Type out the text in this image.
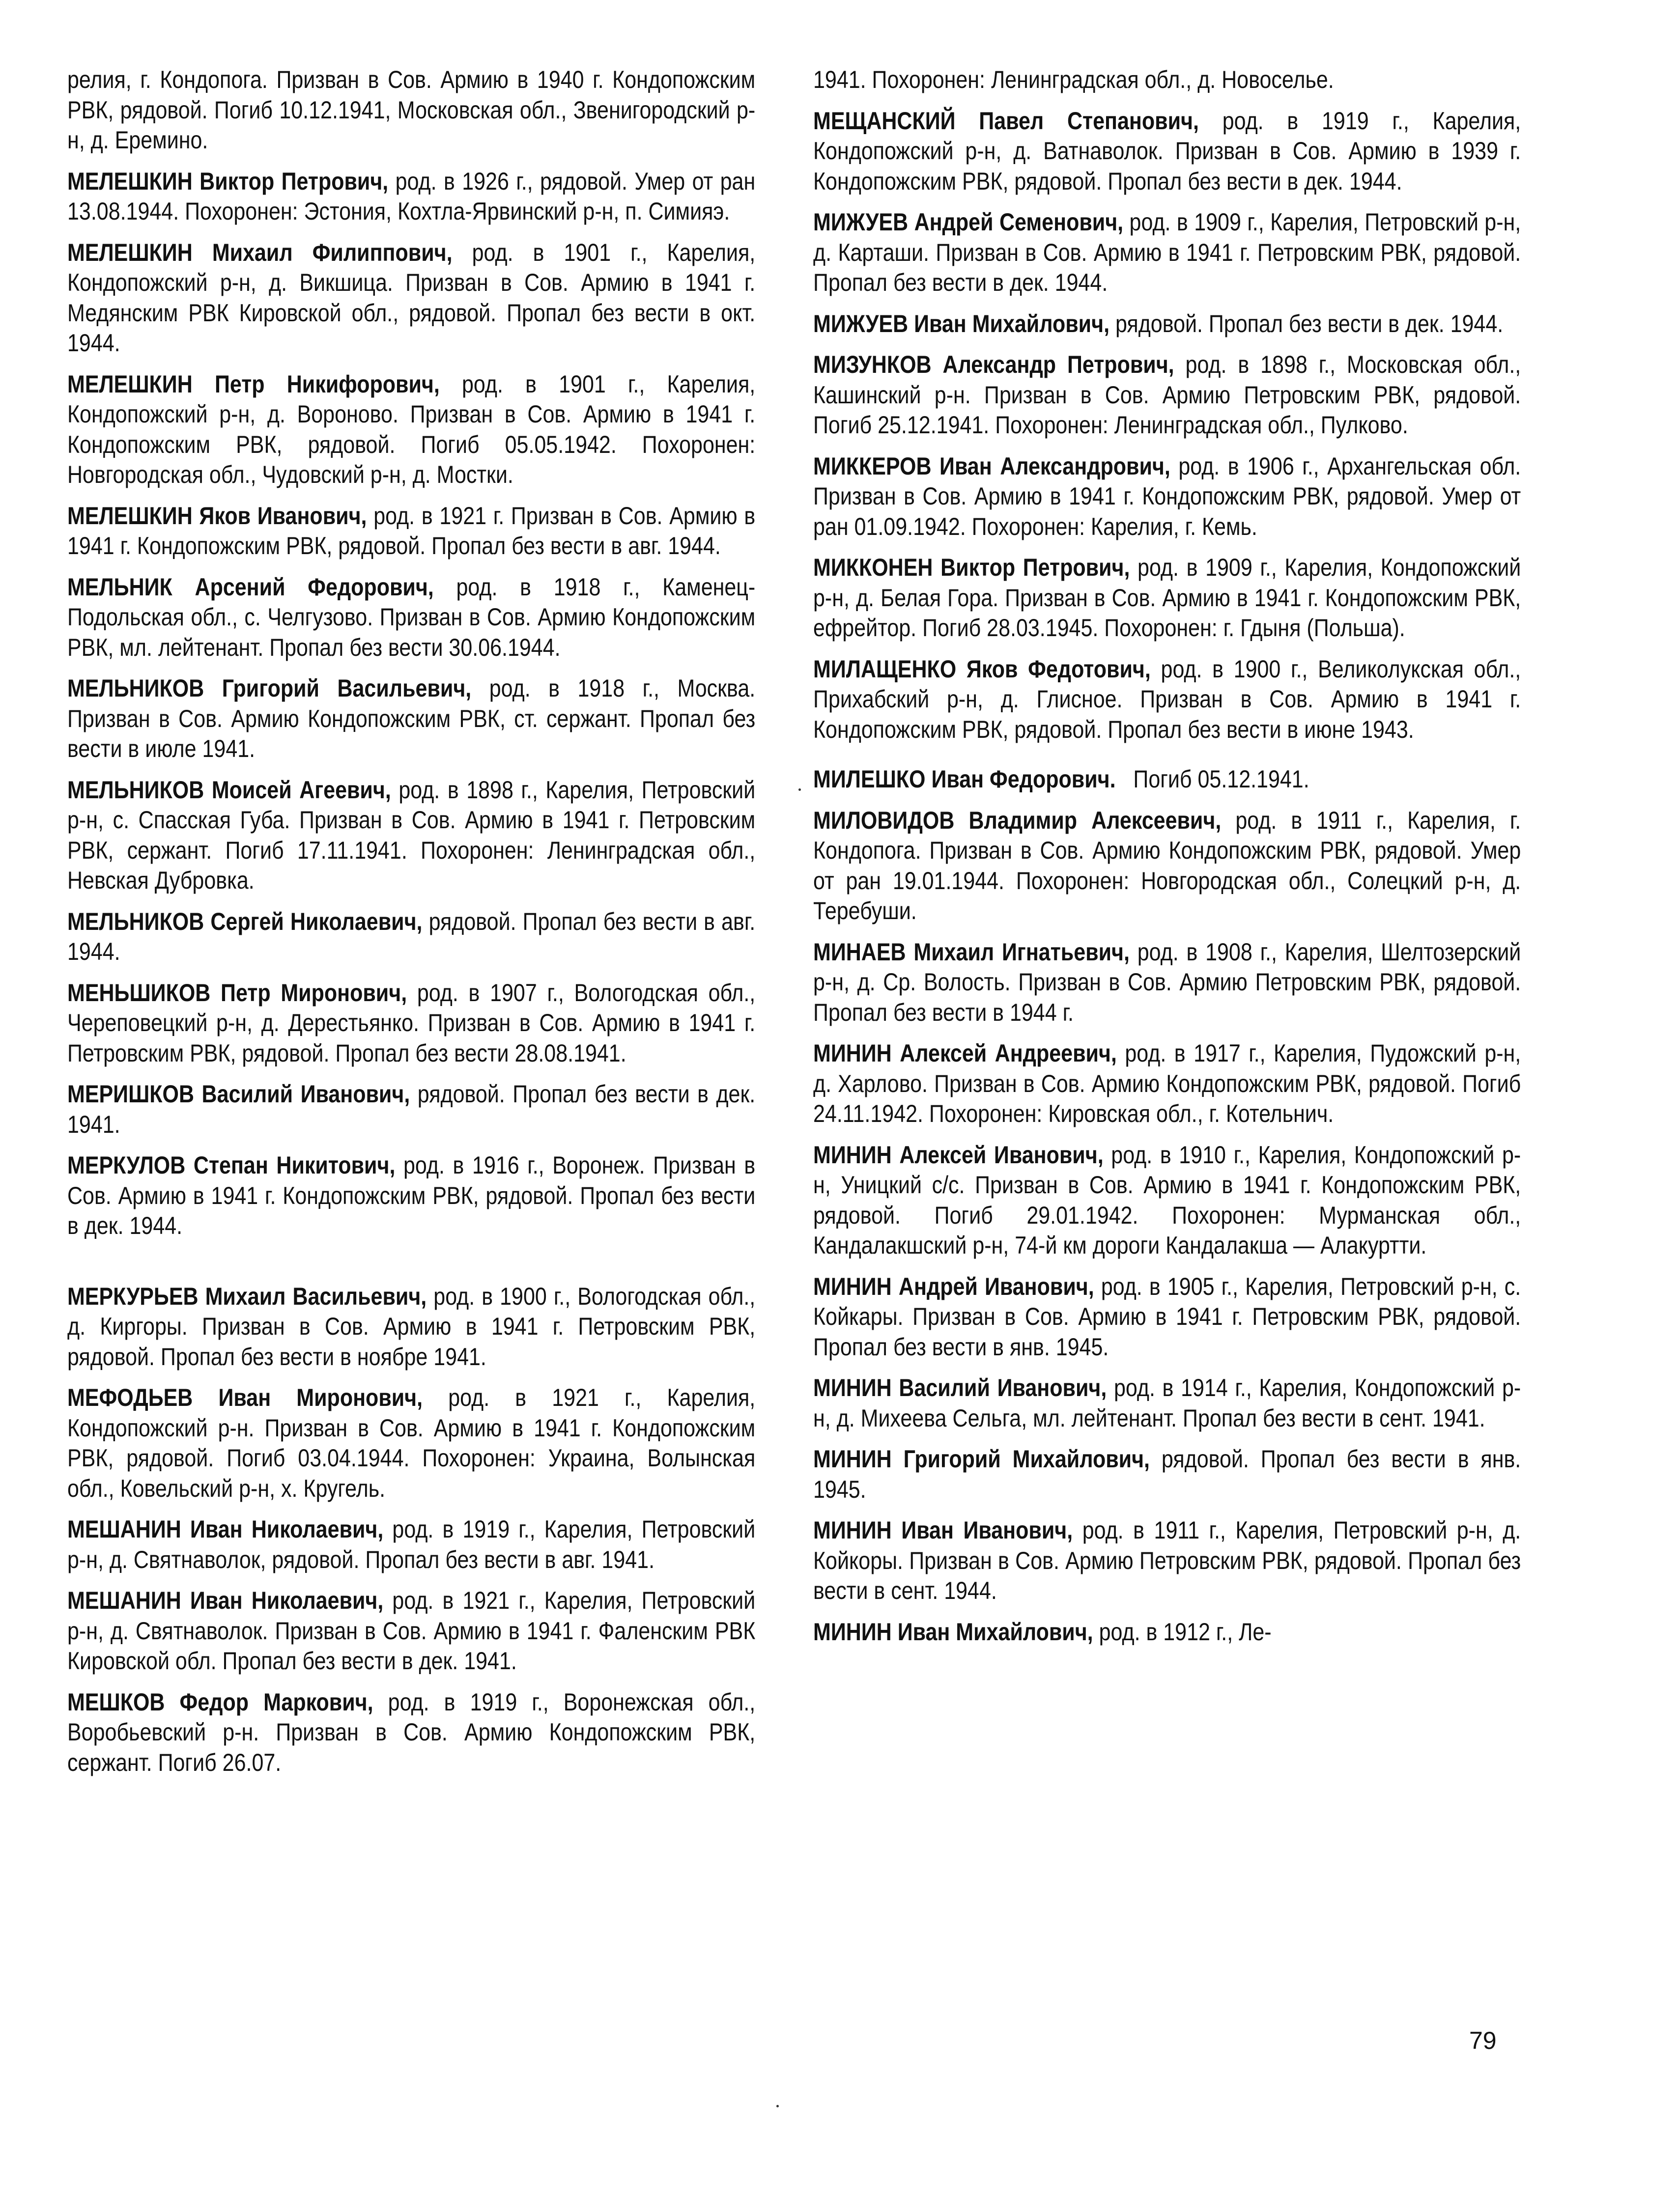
релия, г. Кондопога. Призван в Сов. Армию в 1940 г. Кондопожским РВК, рядовой. Погиб 10.12.1941, Московская обл., Звенигородский р-н, д. Еремино.

МЕЛЕШКИН Виктор Петрович, род. в 1926 г., рядовой. Умер от ран 13.08.1944. Похоронен: Эстония, Кохтла-Ярвинский р-н, п. Симияэ.

МЕЛЕШКИН Михаил Филиппович, род. в 1901 г., Карелия, Кондопожский р-н, д. Викшица. Призван в Сов. Армию в 1941 г. Медянским РВК Кировской обл., рядовой. Пропал без вести в окт. 1944.

МЕЛЕШКИН Петр Никифорович, род. в 1901 г., Карелия, Кондопожский р-н, д. Вороново. Призван в Сов. Армию в 1941 г. Кондопожским РВК, рядовой. Погиб 05.05.1942. Похоронен: Новгородская обл., Чудовский р-н, д. Мостки.

МЕЛЕШКИН Яков Иванович, род. в 1921 г. Призван в Сов. Армию в 1941 г. Кондопожским РВК, рядовой. Пропал без вести в авг. 1944.

МЕЛЬНИК Арсений Федорович, род. в 1918 г., Каменец-Подольская обл., с. Челгузово. Призван в Сов. Армию Кондопожским РВК, мл. лейтенант. Пропал без вести 30.06.1944.

МЕЛЬНИКОВ Григорий Васильевич, род. в 1918 г., Москва. Призван в Сов. Армию Кондопожским РВК, ст. сержант. Пропал без вести в июле 1941.

МЕЛЬНИКОВ Моисей Агеевич, род. в 1898 г., Карелия, Петровский р-н, с. Спасская Губа. Призван в Сов. Армию в 1941 г. Петровским РВК, сержант. Погиб 17.11.1941. Похоронен: Ленинградская обл., Невская Дубровка.

МЕЛЬНИКОВ Сергей Николаевич, рядовой. Пропал без вести в авг. 1944.

МЕНЬШИКОВ Петр Миронович, род. в 1907 г., Вологодская обл., Череповецкий р-н, д. Дерестьянко. Призван в Сов. Армию в 1941 г. Петровским РВК, рядовой. Пропал без вести 28.08.1941.

МЕРИШКОВ Василий Иванович, рядовой. Пропал без вести в дек. 1941.

МЕРКУЛОВ Степан Никитович, род. в 1916 г., Воронеж. Призван в Сов. Армию в 1941 г. Кондопожским РВК, рядовой. Пропал без вести в дек. 1944.

МЕРКУРЬЕВ Михаил Васильевич, род. в 1900 г., Вологодская обл., д. Киргоры. Призван в Сов. Армию в 1941 г. Петровским РВК, рядовой. Пропал без вести в ноябре 1941.

МЕФОДЬЕВ Иван Миронович, род. в 1921 г., Карелия, Кондопожский р-н. Призван в Сов. Армию в 1941 г. Кондопожским РВК, рядовой. Погиб 03.04.1944. Похоронен: Украина, Волынская обл., Ковельский р-н, х. Кругель.

МЕШАНИН Иван Николаевич, род. в 1919 г., Карелия, Петровский р-н, д. Святнаволок, рядовой. Пропал без вести в авг. 1941.

МЕШАНИН Иван Николаевич, род. в 1921 г., Карелия, Петровский р-н, д. Святнаволок. Призван в Сов. Армию в 1941 г. Фаленским РВК Кировской обл. Пропал без вести в дек. 1941.

МЕШКОВ Федор Маркович, род. в 1919 г., Воронежская обл., Воробьевский р-н. Призван в Сов. Армию Кондопожским РВК, сержант. Погиб 26.07.

1941. Похоронен: Ленинградская обл., д. Новоселье.

МЕЩАНСКИЙ Павел Степанович, род. в 1919 г., Карелия, Кондопожский р-н, д. Ватнаволок. Призван в Сов. Армию в 1939 г. Кондопожским РВК, рядовой. Пропал без вести в дек. 1944.

МИЖУЕВ Андрей Семенович, род. в 1909 г., Карелия, Петровский р-н, д. Карташи. Призван в Сов. Армию в 1941 г. Петровским РВК, рядовой. Пропал без вести в дек. 1944.

МИЖУЕВ Иван Михайлович, рядовой. Пропал без вести в дек. 1944.

МИЗУНКОВ Александр Петрович, род. в 1898 г., Московская обл., Кашинский р-н. Призван в Сов. Армию Петровским РВК, рядовой. Погиб 25.12.1941. Похоронен: Ленинградская обл., Пулково.

МИККЕРОВ Иван Александрович, род. в 1906 г., Архангельская обл. Призван в Сов. Армию в 1941 г. Кондопожским РВК, рядовой. Умер от ран 01.09.1942. Похоронен: Карелия, г. Кемь.

МИККОНЕН Виктор Петрович, род. в 1909 г., Карелия, Кондопожский р-н, д. Белая Гора. Призван в Сов. Армию в 1941 г. Кондопожским РВК, ефрейтор. Погиб 28.03.1945. Похоронен: г. Гдыня (Польша).

МИЛАЩЕНКО Яков Федотович, род. в 1900 г., Великолукская обл., Прихабский р-н, д. Глисное. Призван в Сов. Армию в 1941 г. Кондопожским РВК, рядовой. Пропал без вести в июне 1943.

МИЛЕШКО Иван Федорович. Погиб 05.12.1941.

МИЛОВИДОВ Владимир Алексеевич, род. в 1911 г., Карелия, г. Кондопога. Призван в Сов. Армию Кондопожским РВК, рядовой. Умер от ран 19.01.1944. Похоронен: Новгородская обл., Солецкий р-н, д. Теребуши.

МИНАЕВ Михаил Игнатьевич, род. в 1908 г., Карелия, Шелтозерский р-н, д. Ср. Волость. Призван в Сов. Армию Петровским РВК, рядовой. Пропал без вести в 1944 г.

МИНИН Алексей Андреевич, род. в 1917 г., Карелия, Пудожский р-н, д. Харлово. Призван в Сов. Армию Кондопожским РВК, рядовой. Погиб 24.11.1942. Похоронен: Кировская обл., г. Котельнич.

МИНИН Алексей Иванович, род. в 1910 г., Карелия, Кондопожский р-н, Уницкий с/с. Призван в Сов. Армию в 1941 г. Кондопожским РВК, рядовой. Погиб 29.01.1942. Похоронен: Мурманская обл., Кандалакшский р-н, 74-й км дороги Кандалакша — Алакуртти.

МИНИН Андрей Иванович, род. в 1905 г., Карелия, Петровский р-н, с. Койкары. Призван в Сов. Армию в 1941 г. Петровским РВК, рядовой. Пропал без вести в янв. 1945.

МИНИН Василий Иванович, род. в 1914 г., Карелия, Кондопожский р-н, д. Михеева Сельга, мл. лейтенант. Пропал без вести в сент. 1941.

МИНИН Григорий Михайлович, рядовой. Пропал без вести в янв. 1945.

МИНИН Иван Иванович, род. в 1911 г., Карелия, Петровский р-н, д. Койкоры. Призван в Сов. Армию Петровским РВК, рядовой. Пропал без вести в сент. 1944.

МИНИН Иван Михайлович, род. в 1912 г., Ле-

79
